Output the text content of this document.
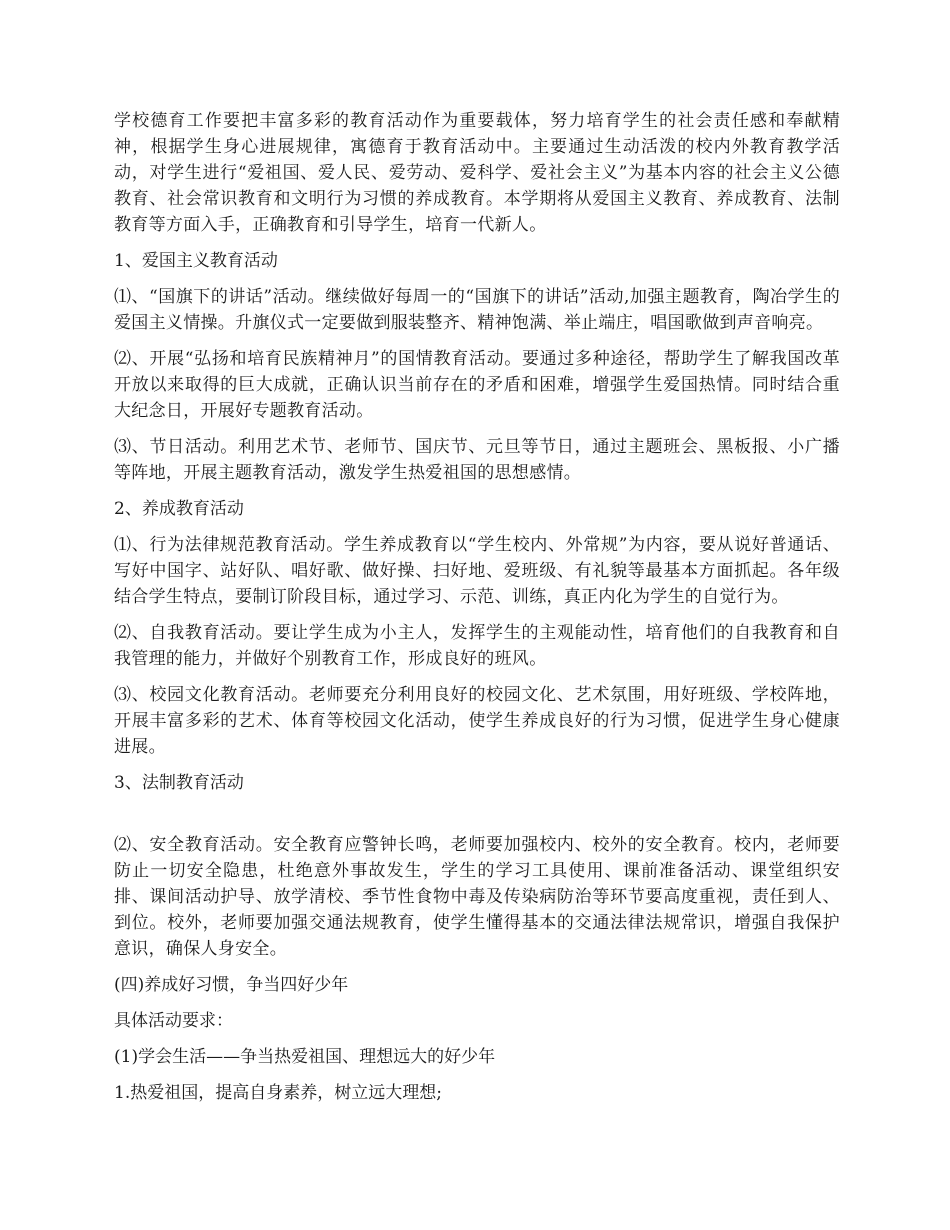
学校德育工作要把丰富多彩的教育活动作为重要载体，努力培育学生的社会责任感和奉献精神，根据学生身心进展规律，寓德育于教育活动中。主要通过生动活泼的校内外教育教学活动，对学生进行“爱祖国、爱人民、爱劳动、爱科学、爱社会主义”为基本内容的社会主义公德教育、社会常识教育和文明行为习惯的养成教育。本学期将从爱国主义教育、养成教育、法制教育等方面入手，正确教育和引导学生，培育一代新人。

1、爱国主义教育活动

⑴、“国旗下的讲话”活动。继续做好每周一的“国旗下的讲话”活动,加强主题教育，陶冶学生的爱国主义情操。升旗仪式一定要做到服装整齐、精神饱满、举止端庄，唱国歌做到声音响亮。

⑵、开展“弘扬和培育民族精神月”的国情教育活动。要通过多种途径，帮助学生了解我国改革开放以来取得的巨大成就，正确认识当前存在的矛盾和困难，增强学生爱国热情。同时结合重大纪念日，开展好专题教育活动。

⑶、节日活动。利用艺术节、老师节、国庆节、元旦等节日，通过主题班会、黑板报、小广播等阵地，开展主题教育活动，激发学生热爱祖国的思想感情。

2、养成教育活动

⑴、行为法律规范教育活动。学生养成教育以“学生校内、外常规”为内容，要从说好普通话、写好中国字、站好队、唱好歌、做好操、扫好地、爱班级、有礼貌等最基本方面抓起。各年级结合学生特点，要制订阶段目标，通过学习、示范、训练，真正内化为学生的自觉行为。

⑵、自我教育活动。要让学生成为小主人，发挥学生的主观能动性，培育他们的自我教育和自我管理的能力，并做好个别教育工作，形成良好的班风。

⑶、校园文化教育活动。老师要充分利用良好的校园文化、艺术氛围，用好班级、学校阵地，开展丰富多彩的艺术、体育等校园文化活动，使学生养成良好的行为习惯，促进学生身心健康进展。

3、法制教育活动

⑵、安全教育活动。安全教育应警钟长鸣，老师要加强校内、校外的安全教育。校内，老师要防止一切安全隐患，杜绝意外事故发生，学生的学习工具使用、课前准备活动、课堂组织安排、课间活动护导、放学清校、季节性食物中毒及传染病防治等环节要高度重视，责任到人、到位。校外，老师要加强交通法规教育，使学生懂得基本的交通法律法规常识，增强自我保护意识，确保人身安全。

(四)养成好习惯，争当四好少年

具体活动要求：

(1)学会生活——争当热爱祖国、理想远大的好少年

1.热爱祖国，提高自身素养，树立远大理想;
